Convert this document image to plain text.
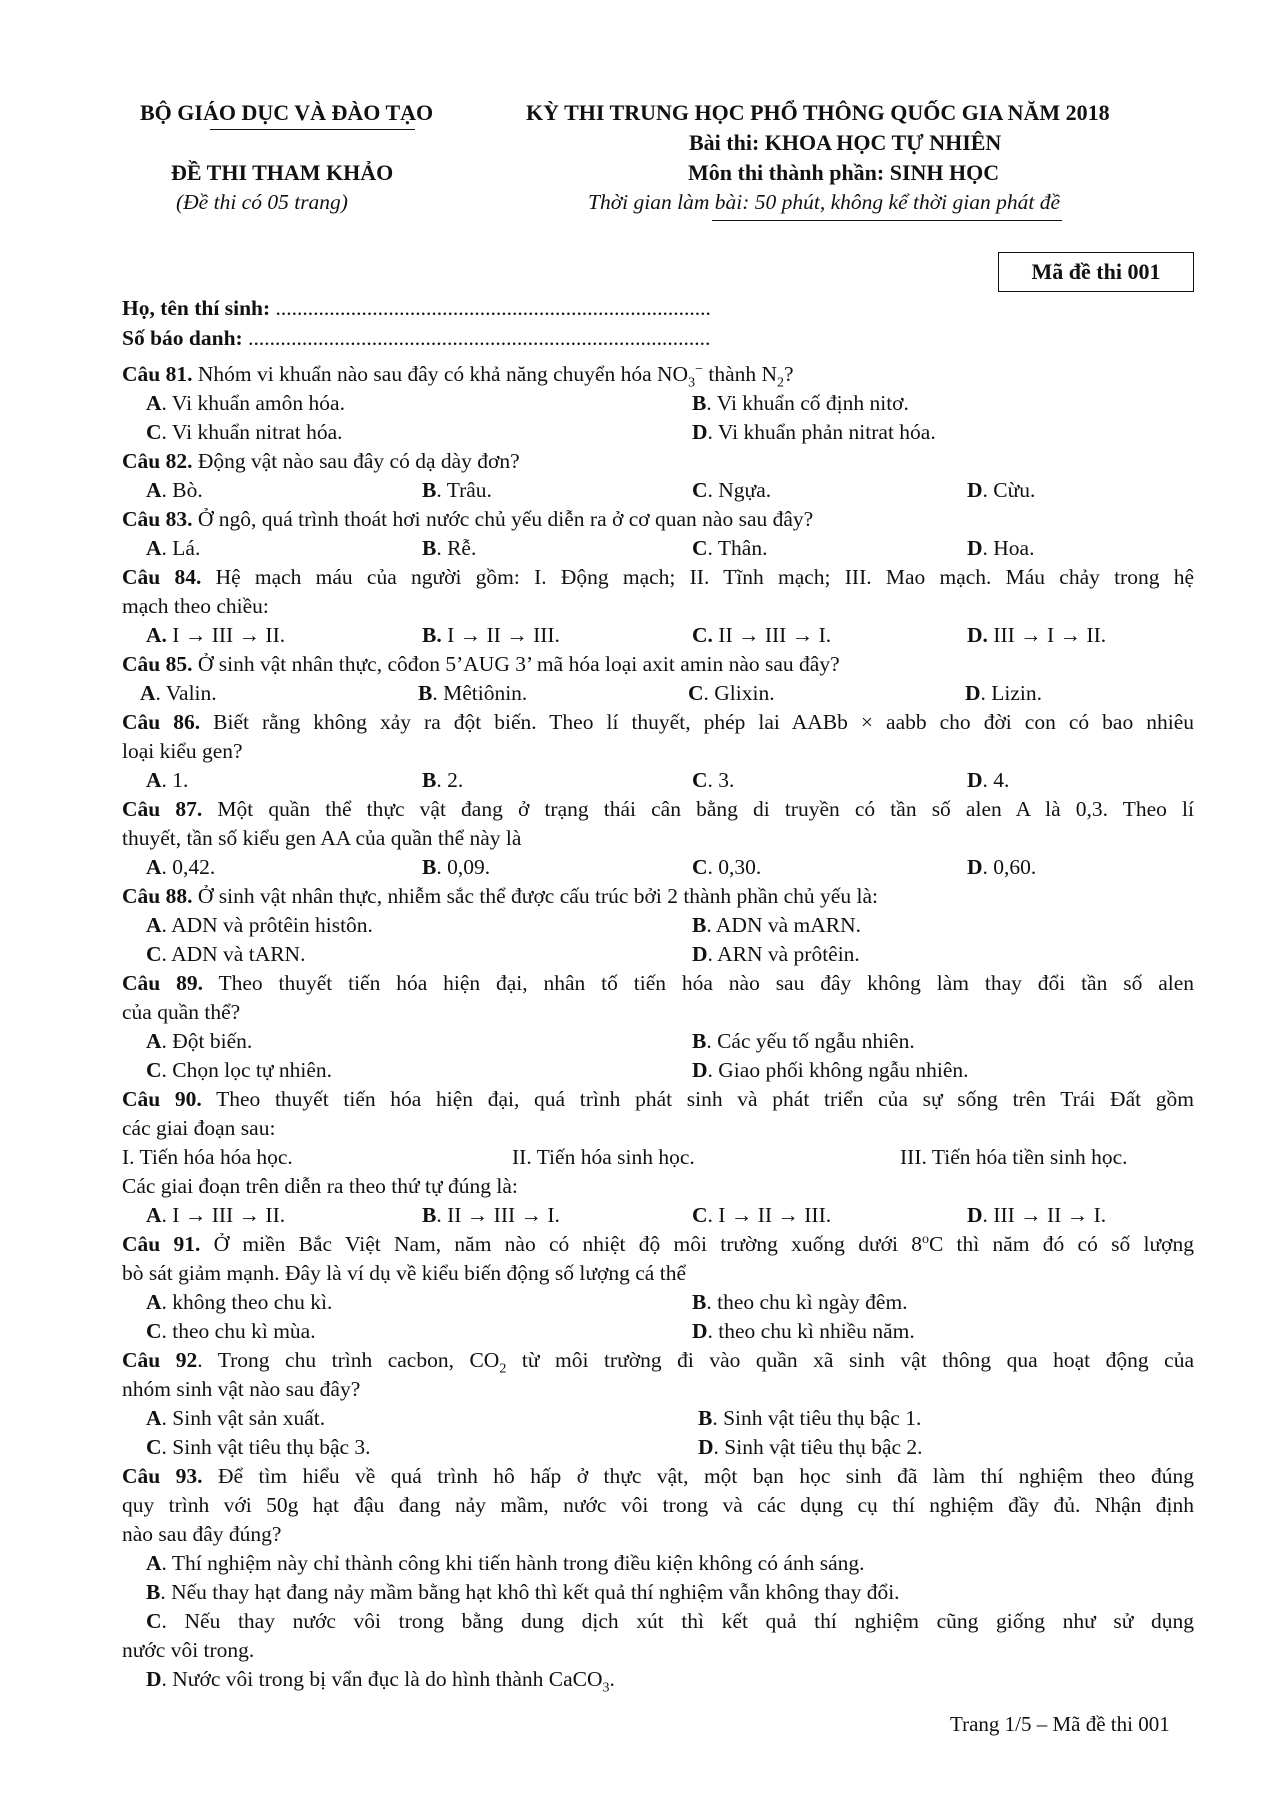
BỘ GIÁO DỤC VÀ ĐÀO TẠO	KỲ THI TRUNG HỌC PHỔ THÔNG QUỐC GIA NĂM 2018
Bài thi: KHOA HỌC TỰ NHIÊN
ĐỀ THI THAM KHẢO	Môn thi thành phần: SINH HỌC
(Đề thi có 05 trang)	Thời gian làm bài: 50 phút, không kể thời gian phát đề
Mã đề thi 001
Họ, tên thí sinh: .................................................................................
Số báo danh: ......................................................................................
Câu 81. Nhóm vi khuẩn nào sau đây có khả năng chuyển hóa $NO_3^-$ thành $N_2$?
A. Vi khuẩn amôn hóa.	B. Vi khuẩn cố định nitơ.
C. Vi khuẩn nitrat hóa.	D. Vi khuẩn phản nitrat hóa.
Câu 82. Động vật nào sau đây có dạ dày đơn?
A. Bò.	B. Trâu.	C. Ngựa.	D. Cừu.
Câu 83. Ở ngô, quá trình thoát hơi nước chủ yếu diễn ra ở cơ quan nào sau đây?
A. Lá.	B. Rễ.	C. Thân.	D. Hoa.
Câu 84. Hệ mạch máu của người gồm: I. Động mạch; II. Tĩnh mạch; III. Mao mạch. Máu chảy trong hệ
mạch theo chiều:
A. I → III → II.	B. I → II → III.	C. II → III → I.	D. III → I → II.
Câu 85. Ở sinh vật nhân thực, côđon 5’AUG 3’ mã hóa loại axit amin nào sau đây?
A. Valin.	B. Mêtiônin.	C. Glixin.	D. Lizin.
Câu 86. Biết rằng không xảy ra đột biến. Theo lí thuyết, phép lai AABb × aabb cho đời con có bao nhiêu
loại kiểu gen?
A. 1.	B. 2.	C. 3.	D. 4.
Câu 87. Một quần thể thực vật đang ở trạng thái cân bằng di truyền có tần số alen A là 0,3. Theo lí
thuyết, tần số kiểu gen AA của quần thể này là
A. 0,42.	B. 0,09.	C. 0,30.	D. 0,60.
Câu 88. Ở sinh vật nhân thực, nhiễm sắc thể được cấu trúc bởi 2 thành phần chủ yếu là:
A. ADN và prôtêin histôn.	B. ADN và mARN.
C. ADN và tARN.	D. ARN và prôtêin.
Câu 89. Theo thuyết tiến hóa hiện đại, nhân tố tiến hóa nào sau đây không làm thay đổi tần số alen
của quần thể?
A. Đột biến.	B. Các yếu tố ngẫu nhiên.
C. Chọn lọc tự nhiên.	D. Giao phối không ngẫu nhiên.
Câu 90. Theo thuyết tiến hóa hiện đại, quá trình phát sinh và phát triển của sự sống trên Trái Đất gồm
các giai đoạn sau:
I. Tiến hóa hóa học.	II. Tiến hóa sinh học.	III. Tiến hóa tiền sinh học.
Các giai đoạn trên diễn ra theo thứ tự đúng là:
A. I → III → II.	B. II → III → I.	C. I → II → III.	D. III → II → I.
Câu 91. Ở miền Bắc Việt Nam, năm nào có nhiệt độ môi trường xuống dưới 8$^o$C thì năm đó có số lượng
bò sát giảm mạnh. Đây là ví dụ về kiểu biến động số lượng cá thể
A. không theo chu kì.	B. theo chu kì ngày đêm.
C. theo chu kì mùa.	D. theo chu kì nhiều năm.
Câu 92. Trong chu trình cacbon, $CO_2$ từ môi trường đi vào quần xã sinh vật thông qua hoạt động của
nhóm sinh vật nào sau đây?
A. Sinh vật sản xuất.	B. Sinh vật tiêu thụ bậc 1.
C. Sinh vật tiêu thụ bậc 3.	D. Sinh vật tiêu thụ bậc 2.
Câu 93. Để tìm hiểu về quá trình hô hấp ở thực vật, một bạn học sinh đã làm thí nghiệm theo đúng
quy trình với 50g hạt đậu đang nảy mầm, nước vôi trong và các dụng cụ thí nghiệm đầy đủ. Nhận định
nào sau đây đúng?
A. Thí nghiệm này chỉ thành công khi tiến hành trong điều kiện không có ánh sáng.
B. Nếu thay hạt đang nảy mầm bằng hạt khô thì kết quả thí nghiệm vẫn không thay đổi.
C. Nếu thay nước vôi trong bằng dung dịch xút thì kết quả thí nghiệm cũng giống như sử dụng
nước vôi trong.
D. Nước vôi trong bị vẩn đục là do hình thành CaCO$_3$.
Trang 1/5 – Mã đề thi 001
